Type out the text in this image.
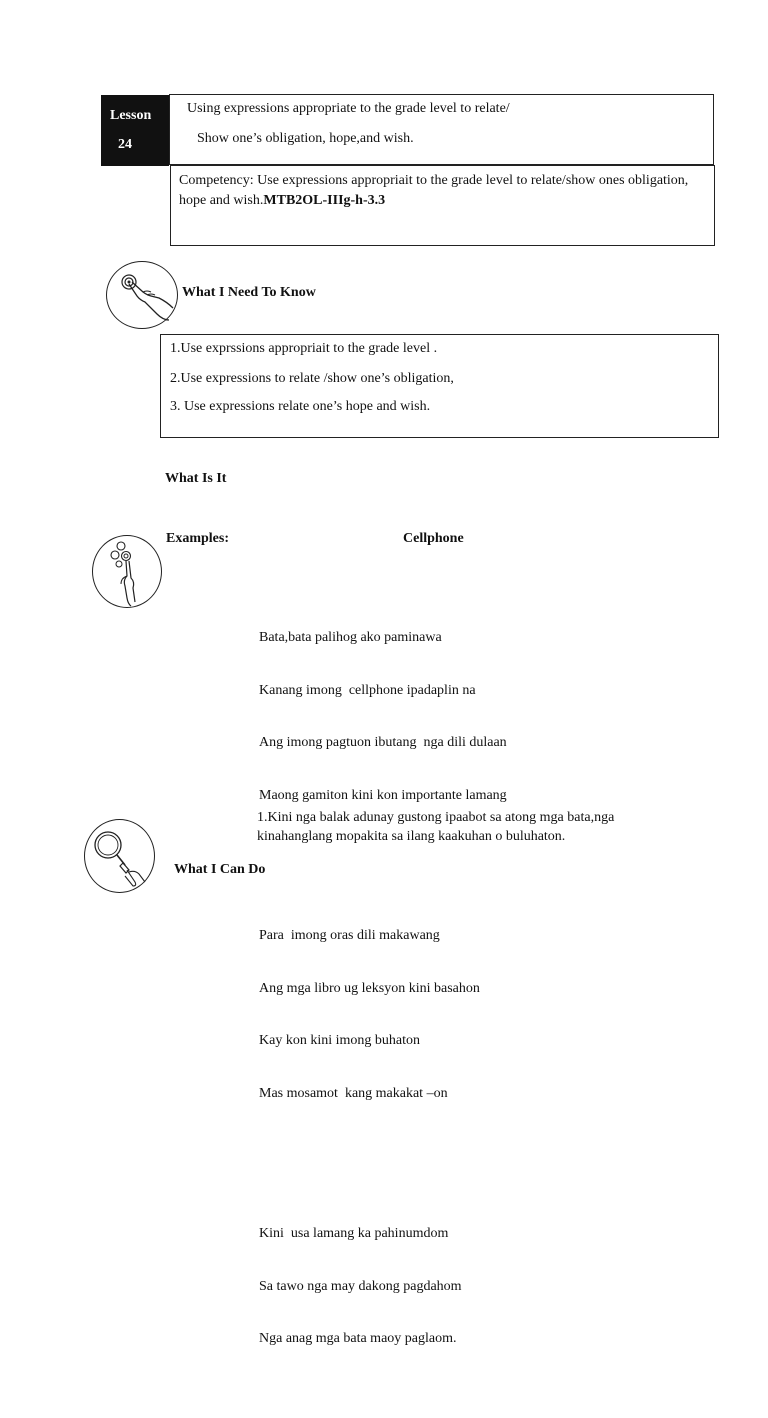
Lesson
24
Using expressions appropriate to the grade level to relate/
Show one’s obligation, hope,and wish.
Competency: Use expressions appropriait to the grade level to relate/show ones obligation, hope and wish.MTB2OL-IIIg-h-3.3
What I Need To Know
1.Use exprssions appropriait to the grade level .
2.Use expressions to relate /show one’s obligation,
3. Use expressions relate one’s hope and wish.
What Is It
Examples:	Cellphone

Bata,bata palihog ako paminawa

Kanang imong  cellphone ipadaplin na

Ang imong pagtuon ibutang  nga dili dulaan

Maong gamiton kini kon importante lamang

Para  imong oras dili makawang

Ang mga libro ug leksyon kini basahon

Kay kon kini imong buhaton

Mas mosamot  kang makakat –on

Kini  usa lamang ka pahinumdom

Sa tawo nga may dakong pagdahom

Nga anag mga bata maoy paglaom.

1.Kini nga balak adunay gustong ipaabot sa atong mga bata,nga kinahanglang mopakita sa ilang kaakuhan o buluhaton.
What I Can Do
